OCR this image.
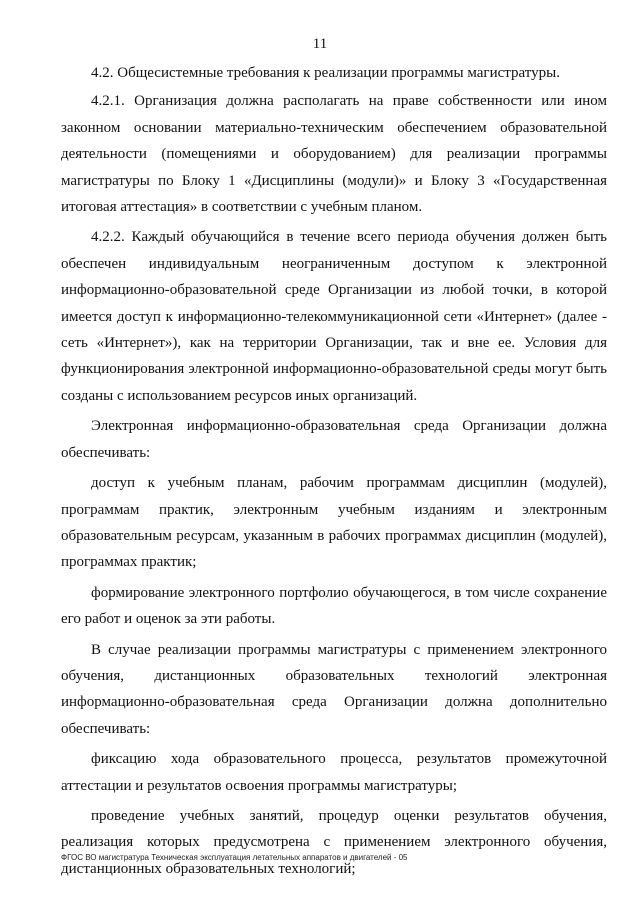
11

4.2. Общесистемные требования к реализации программы магистратуры.

4.2.1. Организация должна располагать на праве собственности или ином законном основании материально-техническим обеспечением образовательной деятельности (помещениями и оборудованием) для реализации программы магистратуры по Блоку 1 «Дисциплины (модули)» и Блоку 3 «Государственная итоговая аттестация» в соответствии с учебным планом.

4.2.2. Каждый обучающийся в течение всего периода обучения должен быть обеспечен индивидуальным неограниченным доступом к электронной информационно-образовательной среде Организации из любой точки, в которой имеется доступ к информационно-телекоммуникационной сети «Интернет» (далее - сеть «Интернет»), как на территории Организации, так и вне ее. Условия для функционирования электронной информационно-образовательной среды могут быть созданы с использованием ресурсов иных организаций.

Электронная информационно-образовательная среда Организации должна обеспечивать:

доступ к учебным планам, рабочим программам дисциплин (модулей), программам практик, электронным учебным изданиям и электронным образовательным ресурсам, указанным в рабочих программах дисциплин (модулей), программах практик;

формирование электронного портфолио обучающегося, в том числе сохранение его работ и оценок за эти работы.

В случае реализации программы магистратуры с применением электронного обучения, дистанционных образовательных технологий электронная информационно-образовательная среда Организации должна дополнительно обеспечивать:

фиксацию хода образовательного процесса, результатов промежуточной аттестации и результатов освоения программы магистратуры;

проведение учебных занятий, процедур оценки результатов обучения, реализация которых предусмотрена с применением электронного обучения, дистанционных образовательных технологий;

ФГОС ВО магистратура Техническая эксплуатация летательных аппаратов и двигателей - 05
